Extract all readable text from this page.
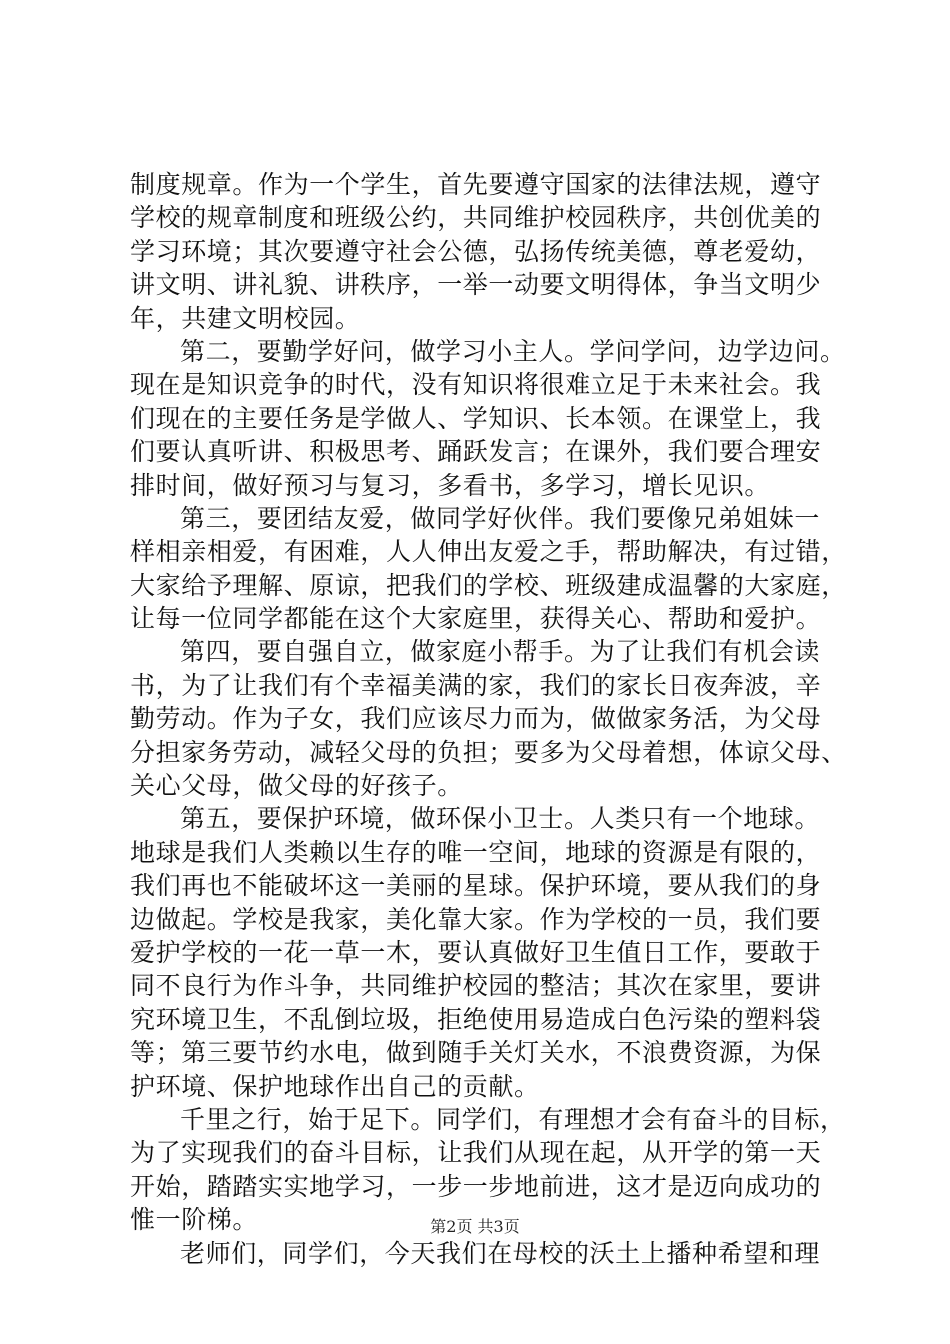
制度规章。作为一个学生，首先要遵守国家的法律法规，遵守
学校的规章制度和班级公约，共同维护校园秩序，共创优美的
学习环境；其次要遵守社会公德，弘扬传统美德，尊老爱幼，
讲文明、讲礼貌、讲秩序，一举一动要文明得体，争当文明少
年，共建文明校园。
第二，要勤学好问，做学习小主人。学问学问，边学边问。
现在是知识竞争的时代，没有知识将很难立足于未来社会。我
们现在的主要任务是学做人、学知识、长本领。在课堂上，我
们要认真听讲、积极思考、踊跃发言；在课外，我们要合理安
排时间，做好预习与复习，多看书，多学习，增长见识。
第三，要团结友爱，做同学好伙伴。我们要像兄弟姐妹一
样相亲相爱，有困难，人人伸出友爱之手，帮助解决，有过错，
大家给予理解、原谅，把我们的学校、班级建成温馨的大家庭，
让每一位同学都能在这个大家庭里，获得关心、帮助和爱护。
第四，要自强自立，做家庭小帮手。为了让我们有机会读
书，为了让我们有个幸福美满的家，我们的家长日夜奔波，辛
勤劳动。作为子女，我们应该尽力而为，做做家务活，为父母
分担家务劳动，减轻父母的负担；要多为父母着想，体谅父母、
关心父母，做父母的好孩子。
第五，要保护环境，做环保小卫士。人类只有一个地球。
地球是我们人类赖以生存的唯一空间，地球的资源是有限的，
我们再也不能破坏这一美丽的星球。保护环境，要从我们的身
边做起。学校是我家，美化靠大家。作为学校的一员，我们要
爱护学校的一花一草一木，要认真做好卫生值日工作，要敢于
同不良行为作斗争，共同维护校园的整洁；其次在家里，要讲
究环境卫生，不乱倒垃圾，拒绝使用易造成白色污染的塑料袋
等；第三要节约水电，做到随手关灯关水，不浪费资源，为保
护环境、保护地球作出自己的贡献。
千里之行，始于足下。同学们，有理想才会有奋斗的目标，
为了实现我们的奋斗目标，让我们从现在起，从开学的第一天
开始，踏踏实实地学习，一步一步地前进，这才是迈向成功的
惟一阶梯。
老师们，同学们，今天我们在母校的沃土上播种希望和理
第2页 共3页
